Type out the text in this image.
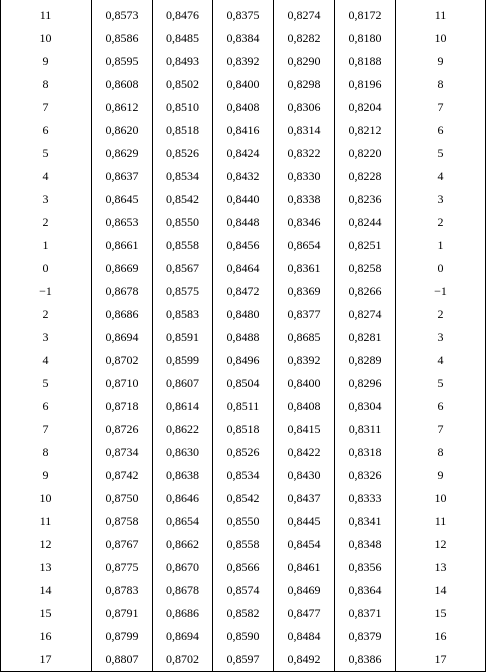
11	0,8573	0,8476	0,8375	0,8274	0,8172	11
10	0,8586	0,8485	0,8384	0,8282	0,8180	10
9	0,8595	0,8493	0,8392	0,8290	0,8188	9
8	0,8608	0,8502	0,8400	0,8298	0,8196	8
7	0,8612	0,8510	0,8408	0,8306	0,8204	7
6	0,8620	0,8518	0,8416	0,8314	0,8212	6
5	0,8629	0,8526	0,8424	0,8322	0,8220	5
4	0,8637	0,8534	0,8432	0,8330	0,8228	4
3	0,8645	0,8542	0,8440	0,8338	0,8236	3
2	0,8653	0,8550	0,8448	0,8346	0,8244	2
1	0,8661	0,8558	0,8456	0,8654	0,8251	1
0	0,8669	0,8567	0,8464	0,8361	0,8258	0
−1	0,8678	0,8575	0,8472	0,8369	0,8266	−1
2	0,8686	0,8583	0,8480	0,8377	0,8274	2
3	0,8694	0,8591	0,8488	0,8685	0,8281	3
4	0,8702	0,8599	0,8496	0,8392	0,8289	4
5	0,8710	0,8607	0,8504	0,8400	0,8296	5
6	0,8718	0,8614	0,8511	0,8408	0,8304	6
7	0,8726	0,8622	0,8518	0,8415	0,8311	7
8	0,8734	0,8630	0,8526	0,8422	0,8318	8
9	0,8742	0,8638	0,8534	0,8430	0,8326	9
10	0,8750	0,8646	0,8542	0,8437	0,8333	10
11	0,8758	0,8654	0,8550	0,8445	0,8341	11
12	0,8767	0,8662	0,8558	0,8454	0,8348	12
13	0,8775	0,8670	0,8566	0,8461	0,8356	13
14	0,8783	0,8678	0,8574	0,8469	0,8364	14
15	0,8791	0,8686	0,8582	0,8477	0,8371	15
16	0,8799	0,8694	0,8590	0,8484	0,8379	16
17	0,8807	0,8702	0,8597	0,8492	0,8386	17
